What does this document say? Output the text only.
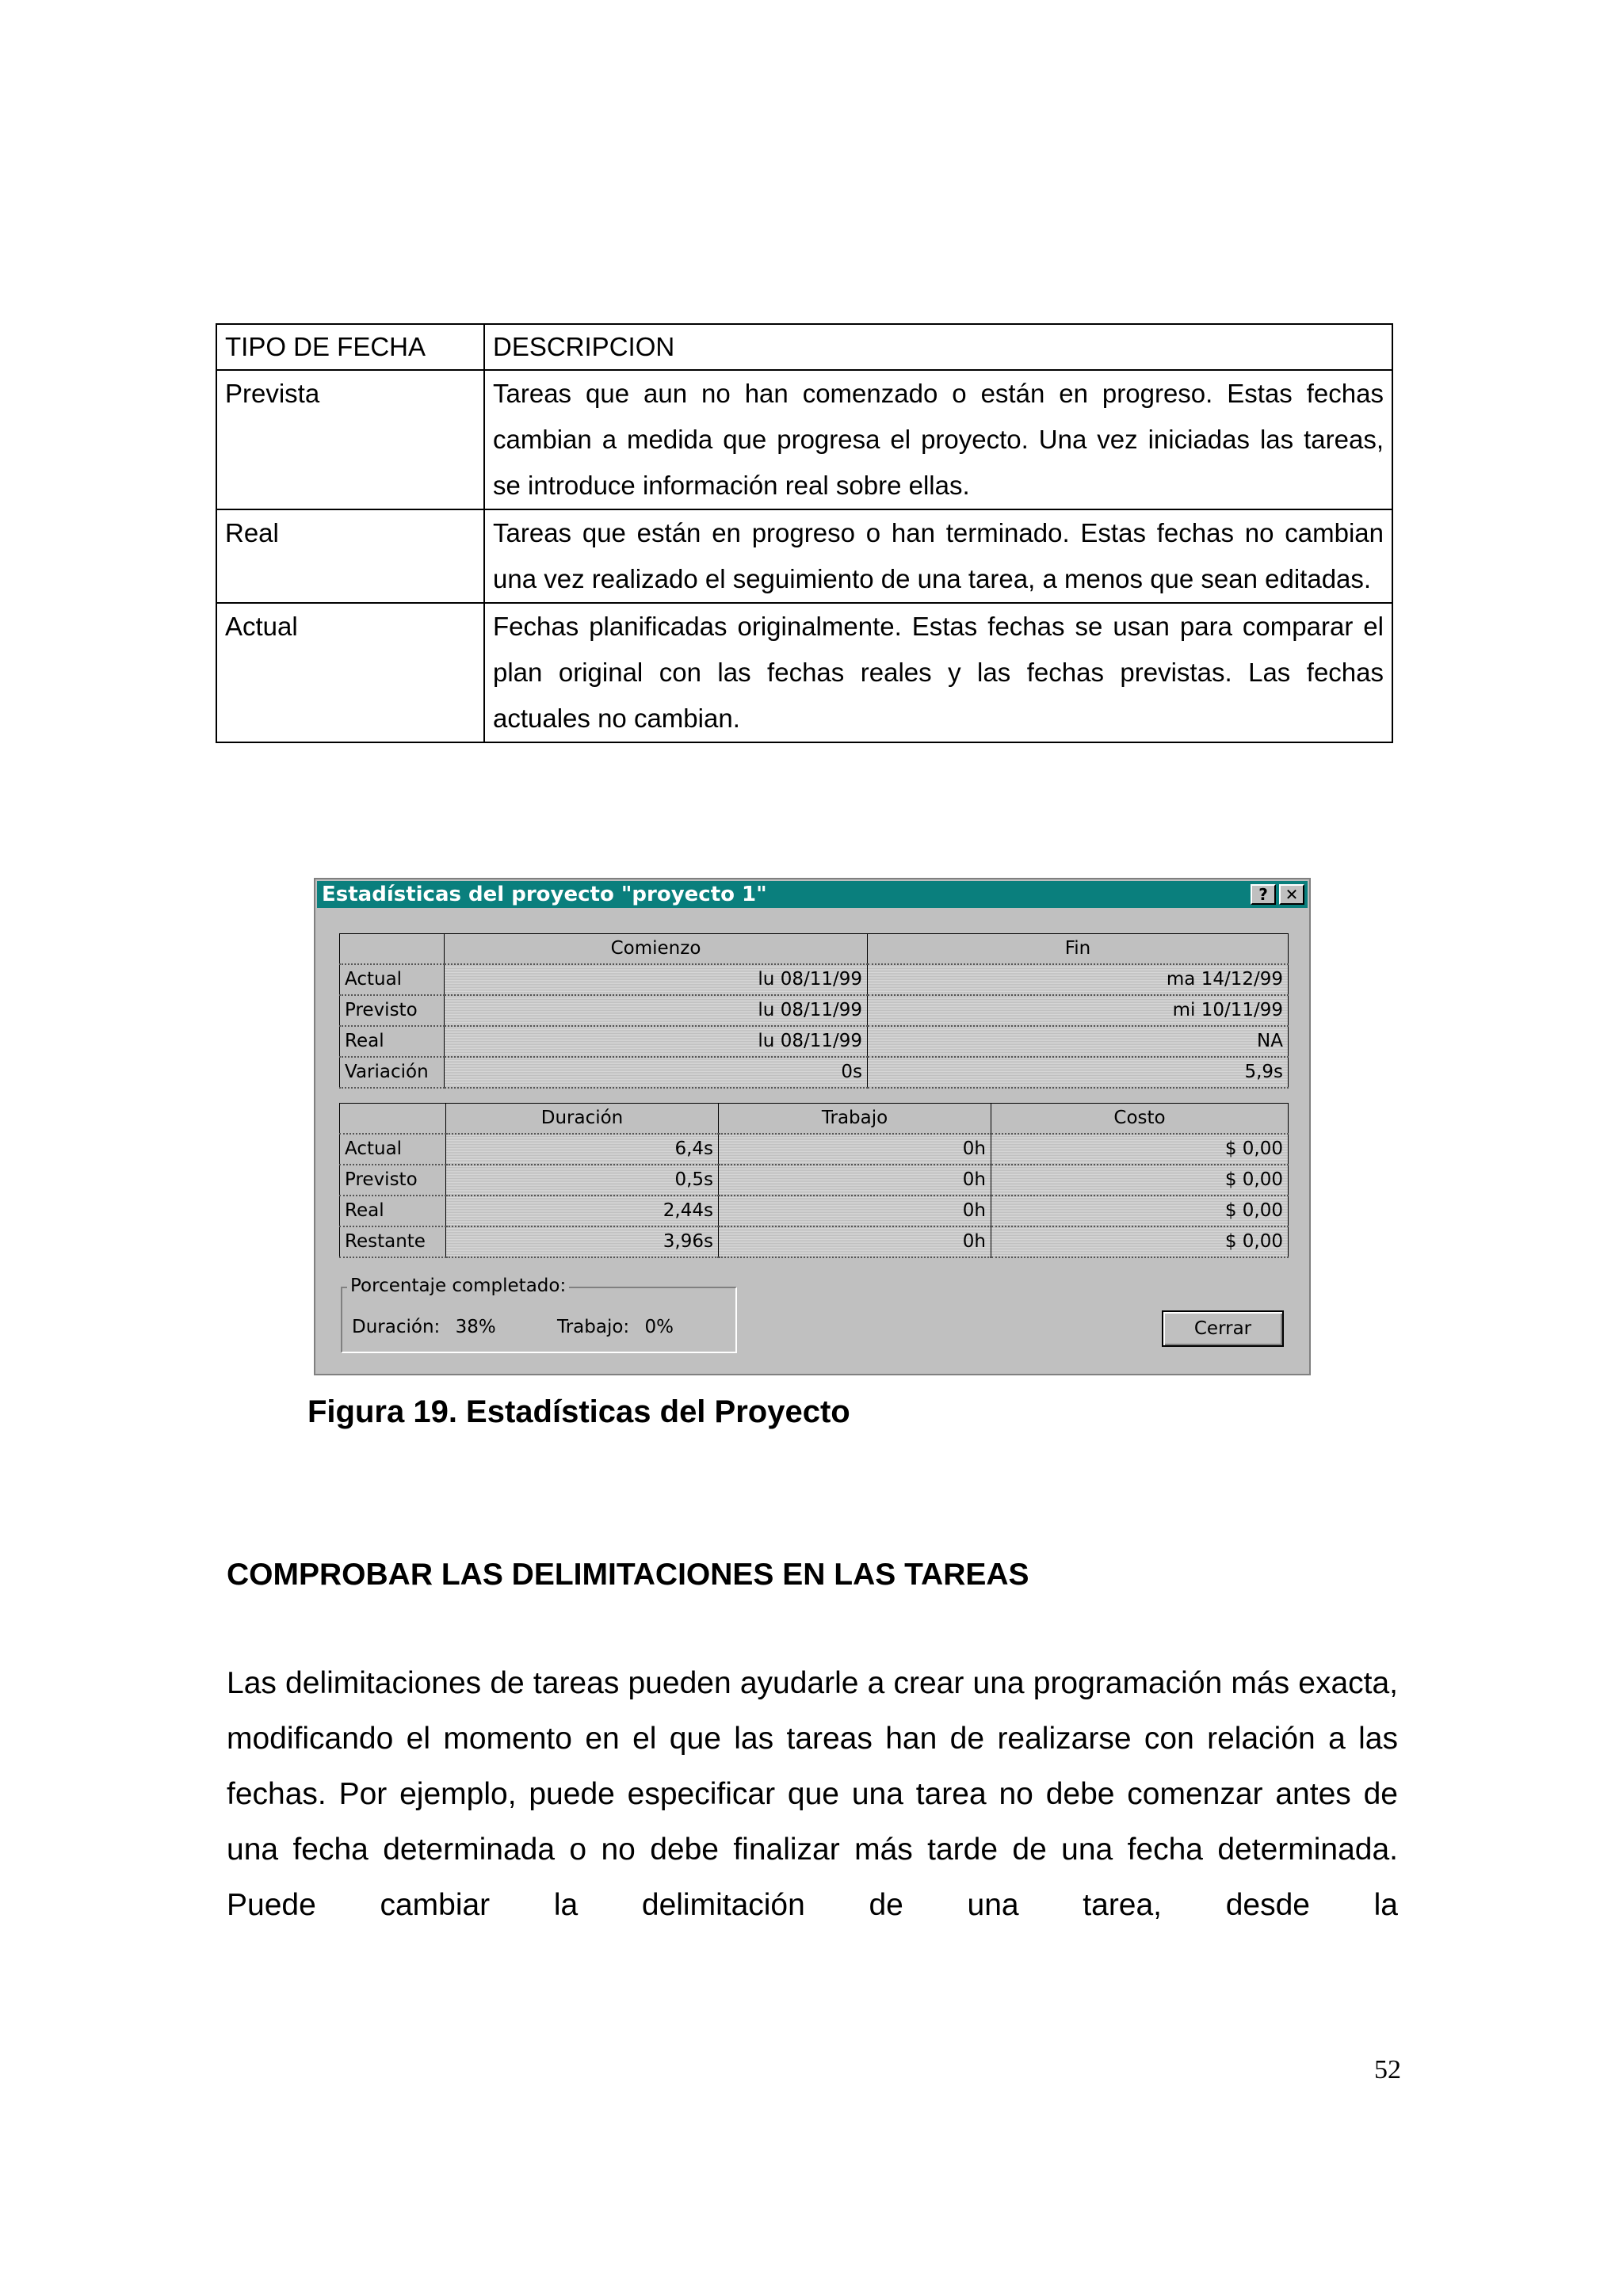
TIPO DE FECHA	DESCRIPCION
Prevista	Tareas que aun no han comenzado o están en progreso. Estas fechas cambian a medida que progresa el proyecto. Una vez iniciadas las tareas, se introduce información real sobre ellas.
Real	Tareas que están en progreso o han terminado. Estas fechas no cambian una vez realizado el seguimiento de una tarea, a menos que sean editadas.
Actual	Fechas planificadas originalmente. Estas fechas se usan para comparar el plan original con las fechas reales y las fechas previstas. Las fechas actuales no cambian.
Estadísticas del proyecto "proyecto 1"	?	✕
	Comienzo	Fin
Actual	lu 08/11/99	ma 14/12/99
Previsto	lu 08/11/99	mi 10/11/99
Real	lu 08/11/99	NA
Variación	0s	5,9s
	Duración	Trabajo	Costo
Actual	6,4s	0h	$ 0,00
Previsto	0,5s	0h	$ 0,00
Real	2,44s	0h	$ 0,00
Restante	3,96s	0h	$ 0,00
Porcentaje completado:
Duración: 38%	Trabajo: 0%	Cerrar
Figura 19. Estadísticas del Proyecto
COMPROBAR LAS DELIMITACIONES EN LAS TAREAS
Las delimitaciones de tareas pueden ayudarle a crear una programación más exacta, modificando el momento en el que las tareas han de realizarse con relación a las fechas. Por ejemplo, puede especificar que una tarea no debe comenzar antes de una fecha determinada o no debe finalizar más tarde de una fecha determinada. Puede cambiar la delimitación de una tarea, desde la
52
